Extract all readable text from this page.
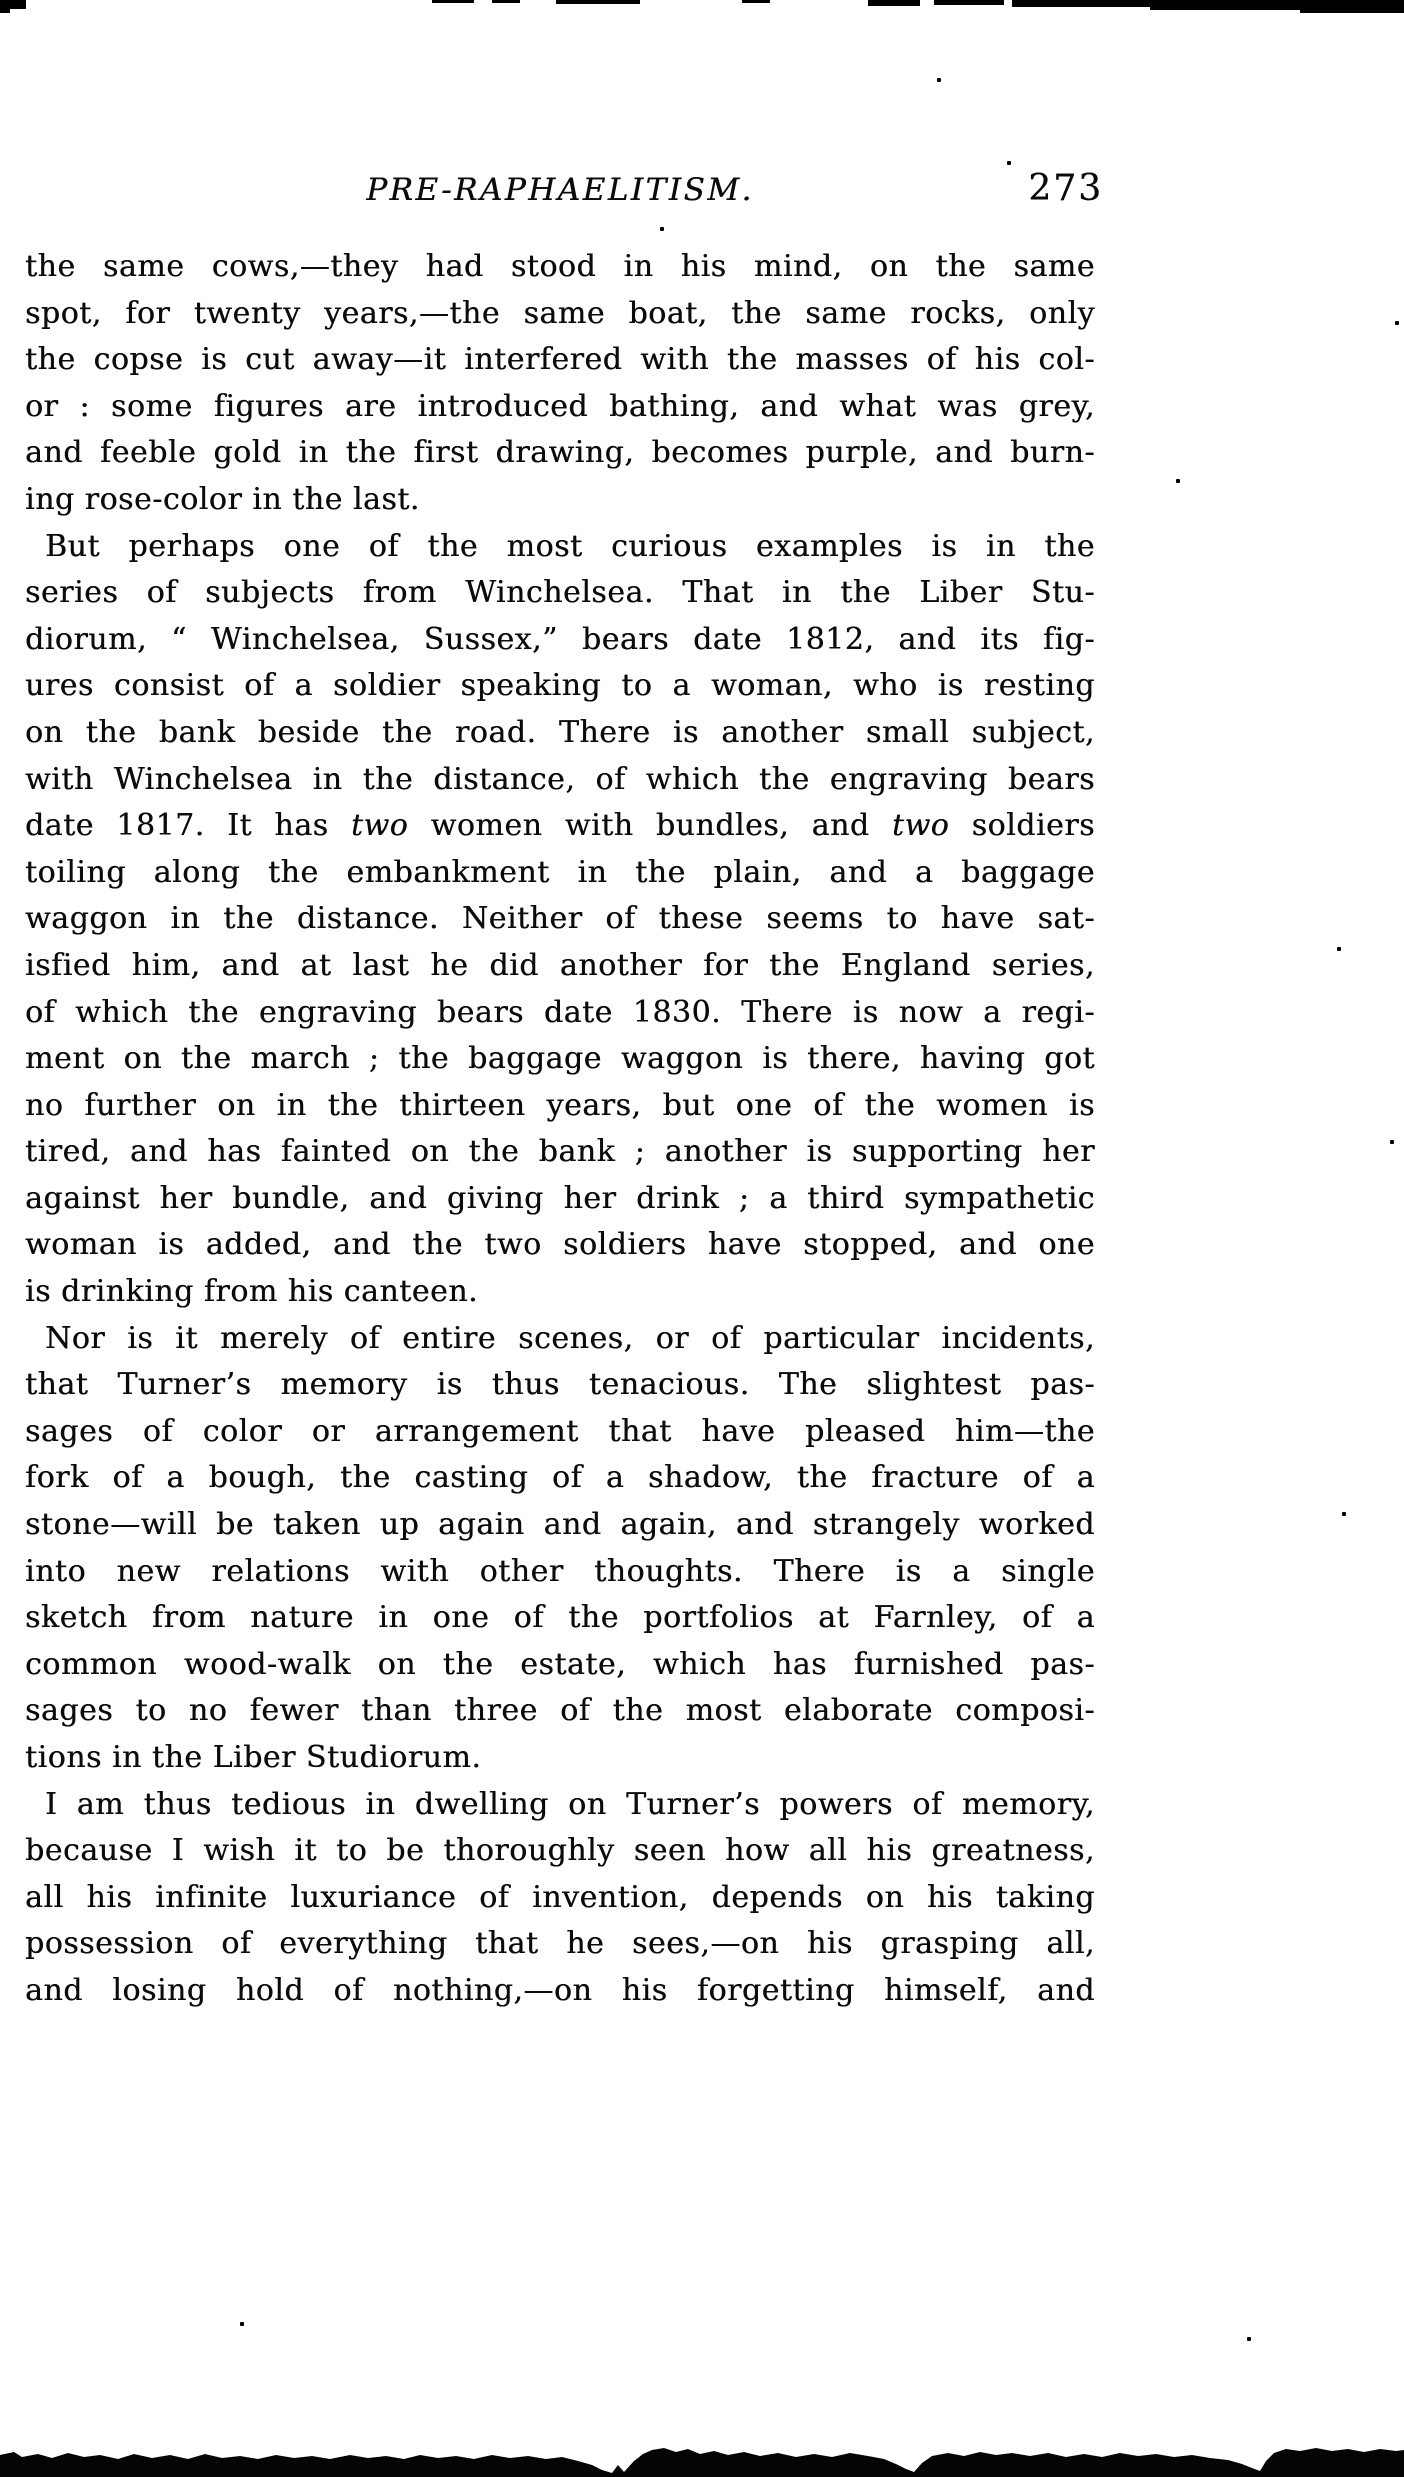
PRE-RAPHAELITISM.	273
the same cows,—they had stood in his mind, on the same
spot, for twenty years,—the same boat, the same rocks, only
the copse is cut away—it interfered with the masses of his col-
or : some figures are introduced bathing, and what was grey,
and feeble gold in the first drawing, becomes purple, and burn-
ing rose-color in the last.
But perhaps one of the most curious examples is in the
series of subjects from Winchelsea. That in the Liber Stu-
diorum, “ Winchelsea, Sussex,” bears date 1812, and its fig-
ures consist of a soldier speaking to a woman, who is resting
on the bank beside the road. There is another small subject,
with Winchelsea in the distance, of which the engraving bears
date 1817. It has two women with bundles, and two soldiers
toiling along the embankment in the plain, and a baggage
waggon in the distance. Neither of these seems to have sat-
isfied him, and at last he did another for the England series,
of which the engraving bears date 1830. There is now a regi-
ment on the march ; the baggage waggon is there, having got
no further on in the thirteen years, but one of the women is
tired, and has fainted on the bank ; another is supporting her
against her bundle, and giving her drink ; a third sympathetic
woman is added, and the two soldiers have stopped, and one
is drinking from his canteen.
Nor is it merely of entire scenes, or of particular incidents,
that Turner’s memory is thus tenacious. The slightest pas-
sages of color or arrangement that have pleased him—the
fork of a bough, the casting of a shadow, the fracture of a
stone—will be taken up again and again, and strangely worked
into new relations with other thoughts. There is a single
sketch from nature in one of the portfolios at Farnley, of a
common wood-walk on the estate, which has furnished pas-
sages to no fewer than three of the most elaborate composi-
tions in the Liber Studiorum.
I am thus tedious in dwelling on Turner’s powers of memory,
because I wish it to be thoroughly seen how all his greatness,
all his infinite luxuriance of invention, depends on his taking
possession of everything that he sees,—on his grasping all,
and losing hold of nothing,—on his forgetting himself, and
